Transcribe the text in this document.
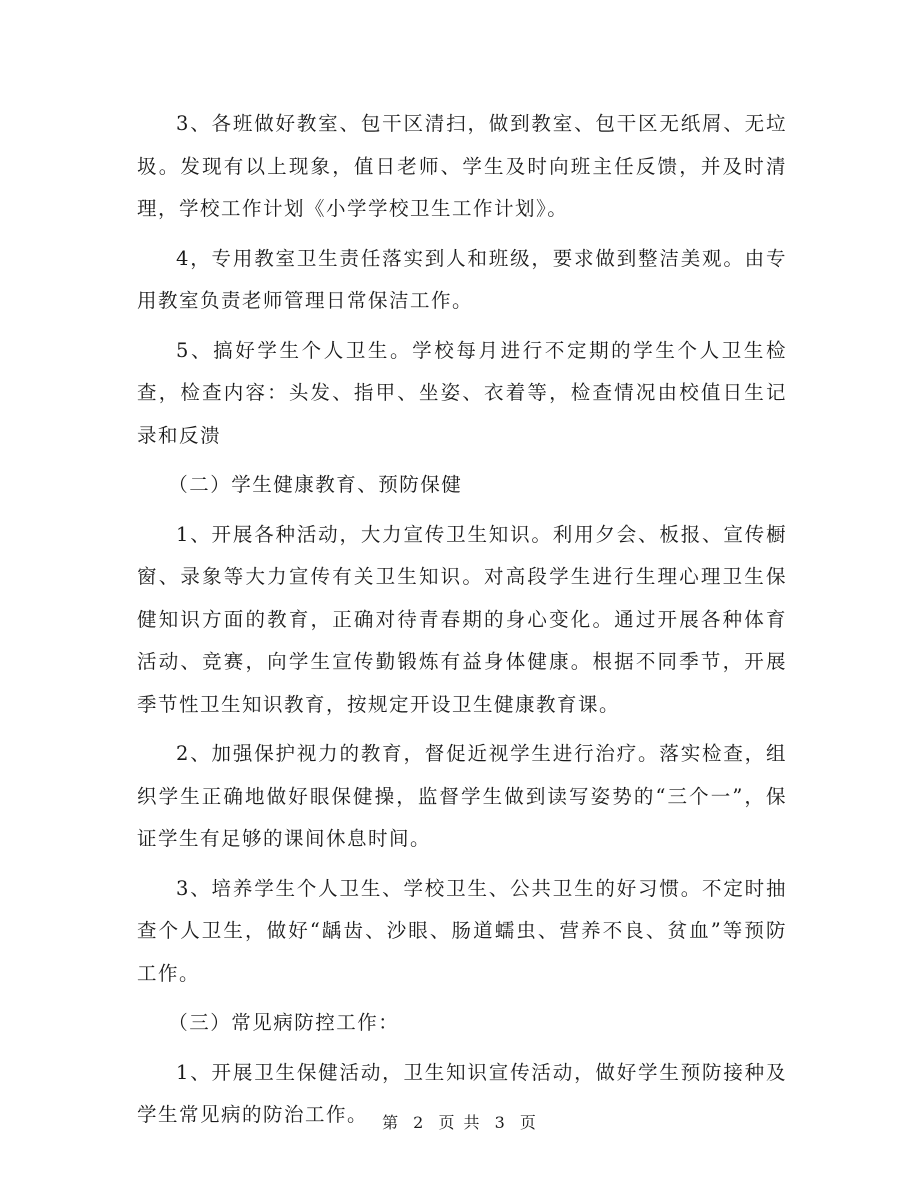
3、各班做好教室、包干区清扫，做到教室、包干区无纸屑、无垃圾。发现有以上现象，值日老师、学生及时向班主任反馈，并及时清理，学校工作计划《小学学校卫生工作计划》。

4，专用教室卫生责任落实到人和班级，要求做到整洁美观。由专用教室负责老师管理日常保洁工作。

5、搞好学生个人卫生。学校每月进行不定期的学生个人卫生检查，检查内容：头发、指甲、坐姿、衣着等，检查情况由校值日生记录和反溃

（二）学生健康教育、预防保健

1、开展各种活动，大力宣传卫生知识。利用夕会、板报、宣传橱窗、录象等大力宣传有关卫生知识。对高段学生进行生理心理卫生保健知识方面的教育，正确对待青春期的身心变化。通过开展各种体育活动、竞赛，向学生宣传勤锻炼有益身体健康。根据不同季节，开展季节性卫生知识教育，按规定开设卫生健康教育课。

2、加强保护视力的教育，督促近视学生进行治疗。落实检查，组织学生正确地做好眼保健操，监督学生做到读写姿势的“三个一”，保证学生有足够的课间休息时间。

3、培养学生个人卫生、学校卫生、公共卫生的好习惯。不定时抽查个人卫生，做好“龋齿、沙眼、肠道蠕虫、营养不良、贫血”等预防工作。

（三）常见病防控工作：

1、开展卫生保健活动，卫生知识宣传活动，做好学生预防接种及学生常见病的防治工作。 第 2 页 共 3 页
